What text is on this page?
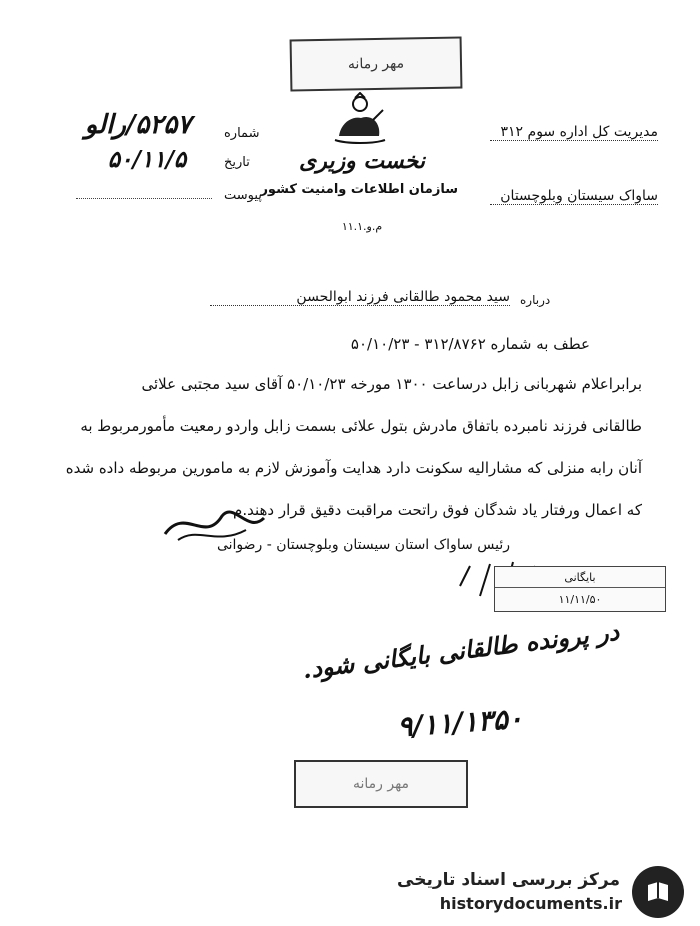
مهر رمانه
۵۲۵۷/رالو	شماره
۵۰/۱۱/۵	تاریخ
پیوست
نخست وزیری
سازمان اطلاعات وامنیت کشور
م.و.۱۱.۱
مدیریت کل اداره سوم ۳۱۲
ساواک سیستان وبلوچستان
درباره
سید محمود طالقانی فرزند ابوالحسن
عطف به شماره ۳۱۲/۸۷۶۲ - ۵۰/۱۰/۲۳
برابراعلام شهربانی زابل درساعت ۱۳۰۰ مورخه ۵۰/۱۰/۲۳ آقای سید مجتبی علائی
طالقانی فرزند نامبرده باتفاق مادرش بتول علائی بسمت زابل واردو رمعیت مأمورمربوط به
آنان رابه منزلی که مشارالیه سکونت دارد هدایت وآموزش لازم به مامورین مربوطه داده شده
که اعمال ورفتار یاد شدگان فوق راتحت مراقبت دقیق قرار دهند.م
رئیس ساواک استان سیستان وبلوچستان - رضوانی
بایگانی
۱۱/۱۱/۵۰
در پرونده طالقانی بایگانی شود.
۹/۱۱/۱۳۵۰
مهر رمانه
مرکز بررسی اسناد تاریخی
historydocuments.ir
